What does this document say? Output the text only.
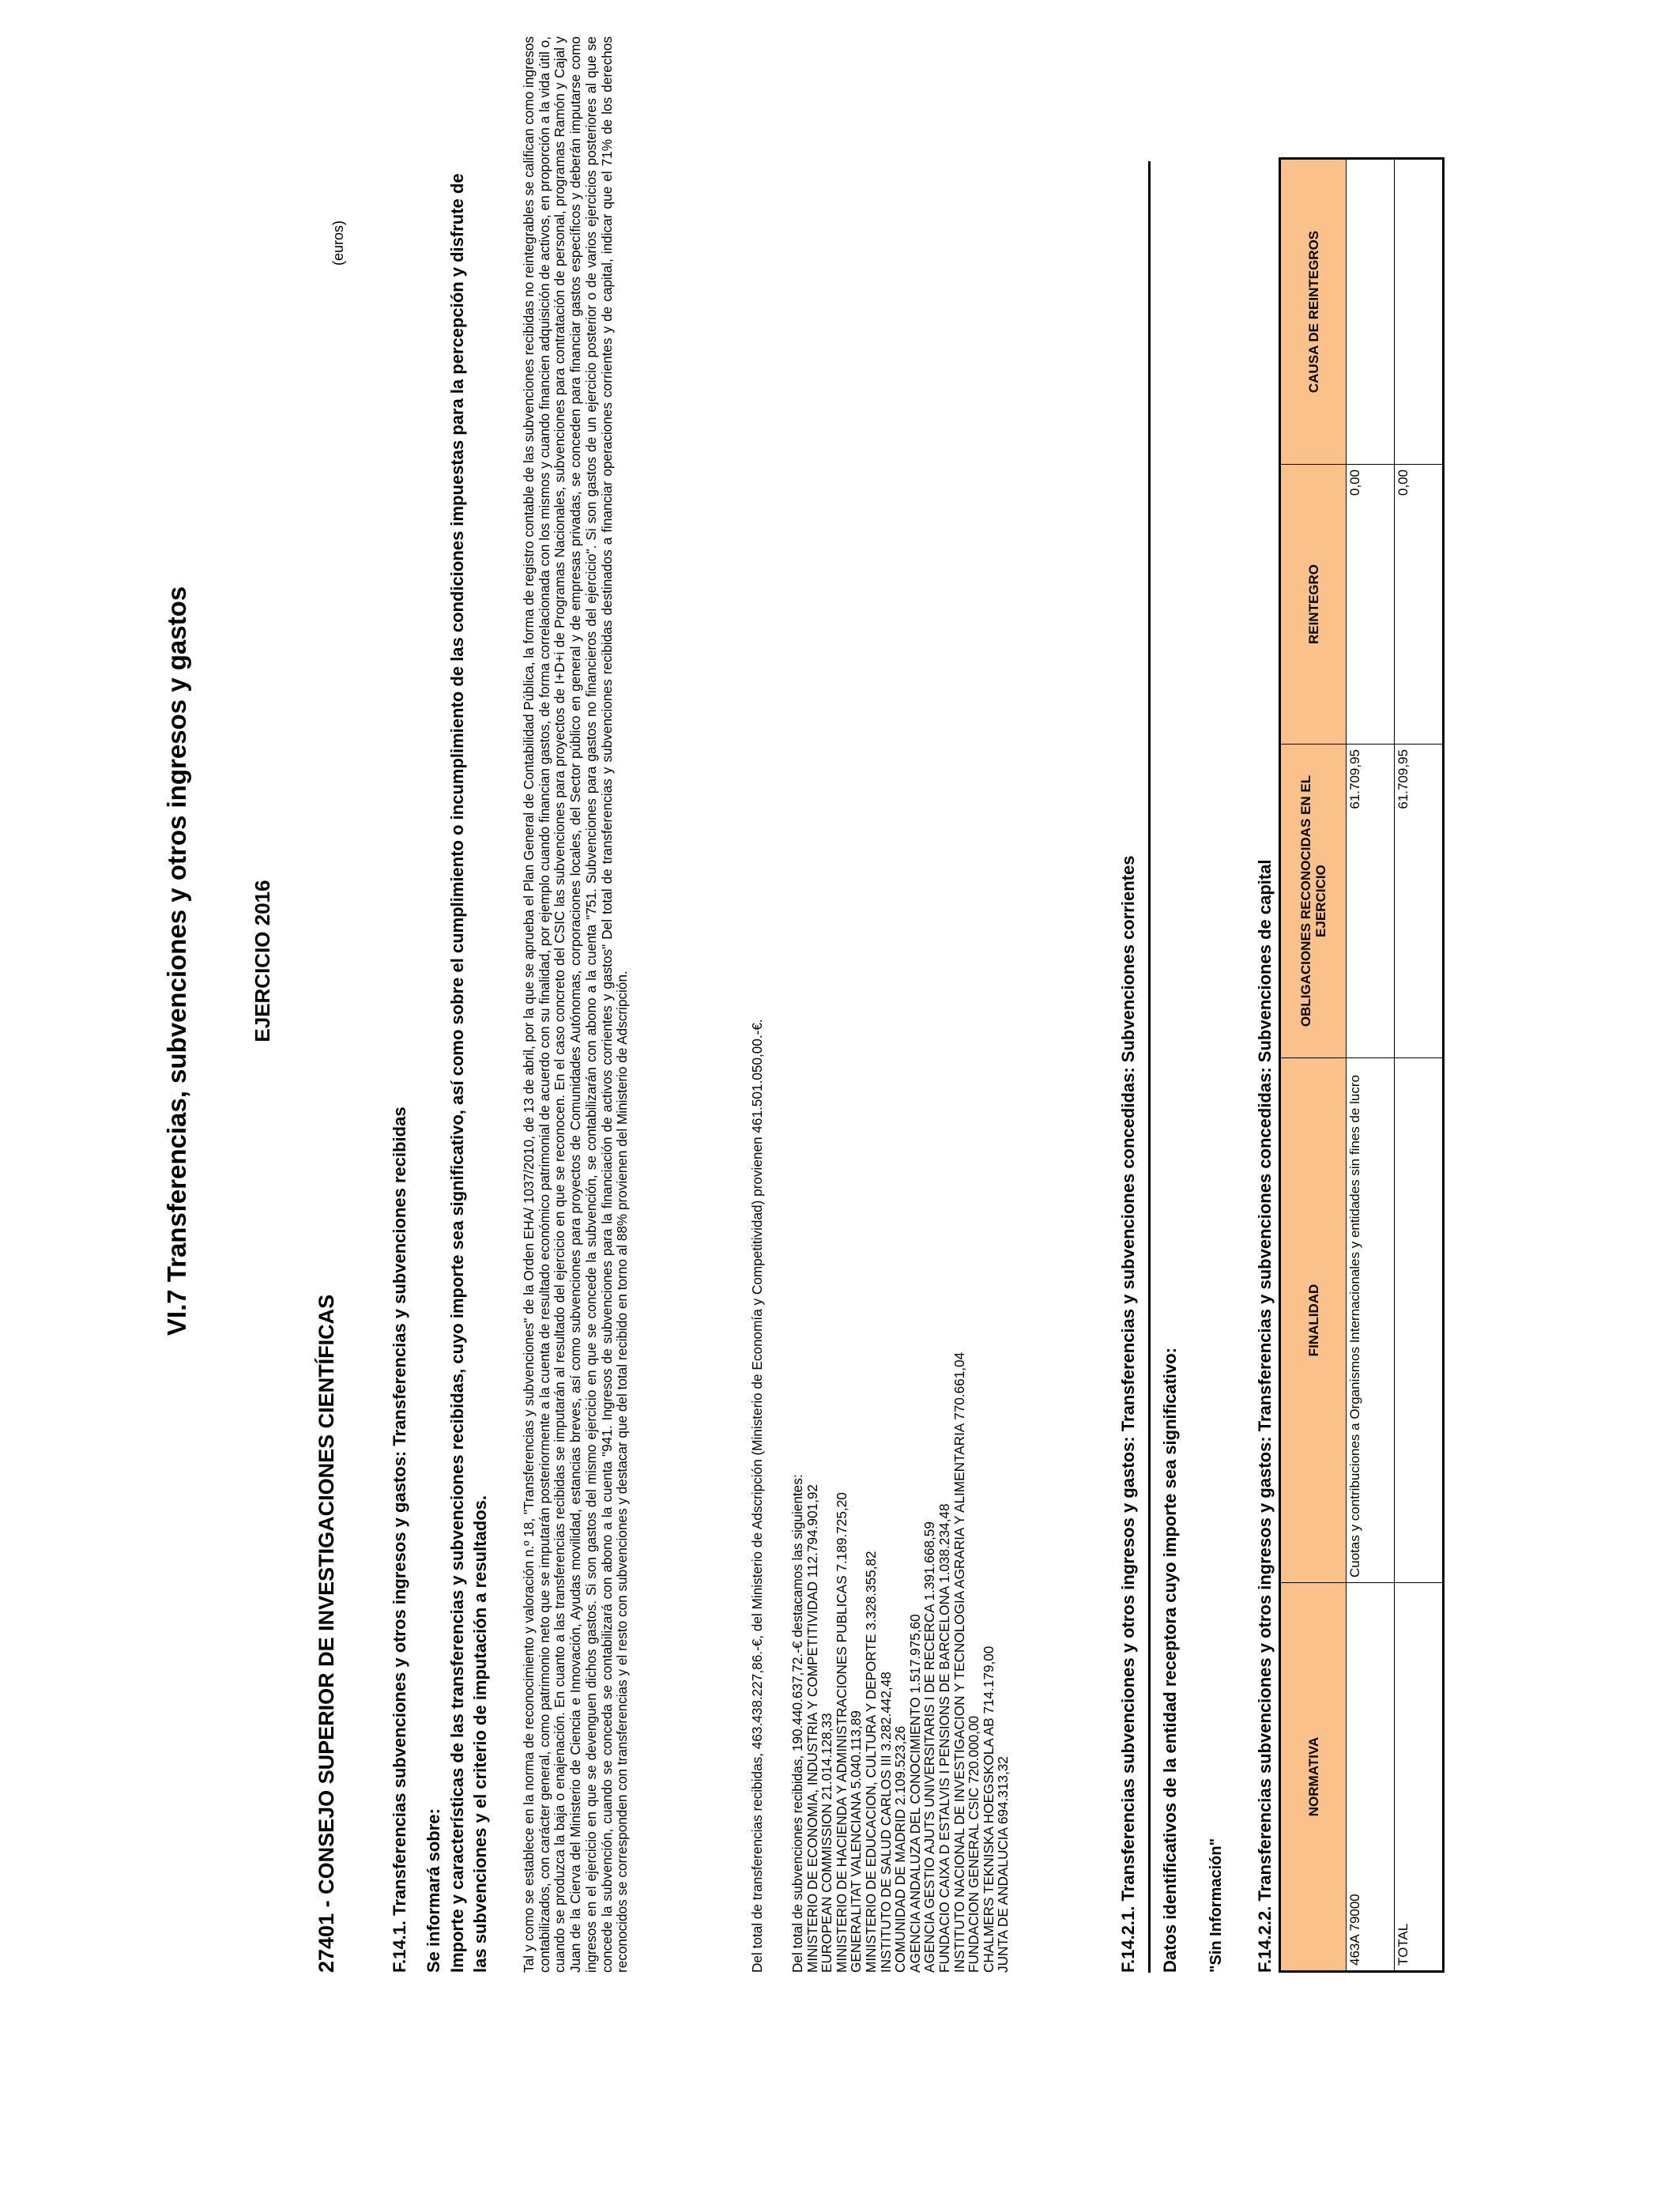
VI.7 Transferencias, subvenciones y otros ingresos y gastos	EJERCICIO 2016
(euros)
27401 - CONSEJO SUPERIOR DE INVESTIGACIONES CIENTÍFICAS	F.14.1. Transferencias subvenciones y otros ingresos y gastos: Transferencias y subvenciones recibidas Se informará sobre: Importe y características de las transferencias y subvenciones recibidas, cuyo importe sea significativo, así como sobre el cumplimiento o incumplimiento de las condiciones impuestas para la percepción y disfrute de las subvenciones y el criterio de imputación a resultados. Tal y como se establece en la norma de reconocimiento y valoración n.º 18, "Transferencias y subvenciones" de la Orden EHA/ 1037/2010, de 13 de abril, por la que se aprueba el Plan General de Contabilidad Pública, la forma de registro contable de las subvenciones recibidas no reintegrables se califican como ingresos contabilizados, con carácter general, como patrimonio neto que se imputarán posteriormente a la cuenta de resultado económico patrimonial de acuerdo con su finalidad, por ejemplo cuando financian gastos, de forma correlacionada con los mismos y cuando financien adquisición de activos, en proporción a la vida útil o, cuando se produzca la baja o enajenación. En cuanto a las transferencias recibidas se imputarán al resultado del ejercicio en que se reconocen. En el caso concreto del CSIC las subvenciones para proyectos de I+D+i de Programas Nacionales, subvenciones para contratación de personal, programas Ramón y Cajal y Juan de la Cierva del Ministerio de Ciencia e Innovación, Ayudas movilidad, estancias breves, así como subvenciones para proyectos de Comunidades Autónomas, corporaciones locales, del Sector público en general y de empresas privadas, se conceden para financiar gastos específicos y deberán imputarse como ingresos en el ejercicio en que se devenguen dichos gastos. Si son gastos del mismo ejercicio en que se concede la subvención, se contabilizarán con abono a la cuenta "751. Subvenciones para gastos no financieros del ejercicio". Si son gastos de un ejercicio posterior o de varios ejercicios posteriores al que se concede la subvención, cuando se conceda se contabilizará con abono a la cuenta "941. Ingresos de subvenciones para la financiación de activos corrientes y gastos" Del total de transferencias y subvenciones recibidas destinados a financiar operaciones corrientes y de capital, indicar que el 71% de los derechos reconocidos se corresponden con transferencias y el resto con subvenciones y destacar que del total recibido en torno al 88% provienen del Ministerio de Adscripción.	Del total de transferencias recibidas, 463.438.227,86.-€, del Ministerio de Adscripción (Ministerio de Economía y Competitividad) provienen 461.501.050,00.-€. Del total de subvenciones recibidas, 190.440.637,72.-€ destacamos las siguientes:
MINISTERIO DE ECONOMIA, INDUSTRIA Y COMPETITIVIDAD 112.794.901,92
EUROPEAN COMMISSION 21.014.128,33
MINISTERIO DE HACIENDA Y ADMINISTRACIONES PUBLICAS 7.189.725,20
GENERALITAT VALENCIANA 5.040.113,89
MINISTERIO DE EDUCACION, CULTURA Y DEPORTE 3.328.355,82
INSTITUTO DE SALUD CARLOS III 3.282.442,48
COMUNIDAD DE MADRID 2.109.523,26
AGENCIA ANDALUZA DEL CONOCIMIENTO 1.517.975,60
AGENCIA GESTIO AJUTS UNIVERSITARIS I DE RECERCA 1.391.668,59
FUNDACIO CAIXA D ESTALVIS I PENSIONS DE BARCELONA 1.038.234,48
INSTITUTO NACIONAL DE INVESTIGACION Y TECNOLOGIA AGRARIA Y ALIMENTARIA 770.661,04
FUNDACION GENERAL CSIC 720.000,00
CHALMERS TEKNISKA HOEGSKOLA AB 714.179,00
JUNTA DE ANDALUCIA 694.313,32	F.14.2.1. Transferencias subvenciones y otros ingresos y gastos: Transferencias y subvenciones concedidas: Subvenciones corrientes Datos identificativos de la entidad receptora cuyo importe sea significativo: "Sin Información" F.14.2.2. Transferencias subvenciones y otros ingresos y gastos: Transferencias y subvenciones concedidas: Subvenciones de capital NORMATIVA	FINALIDAD	OBLIGACIONES RECONOCIDAS EN EL EJERCICIO	REINTEGRO	CAUSA DE REINTEGROS
463A 79000	Cuotas y contribuciones a Organismos Internacionales y entidades sin fines de lucro	61.709,95	0,00	
TOTAL		61.709,95	0,00	
